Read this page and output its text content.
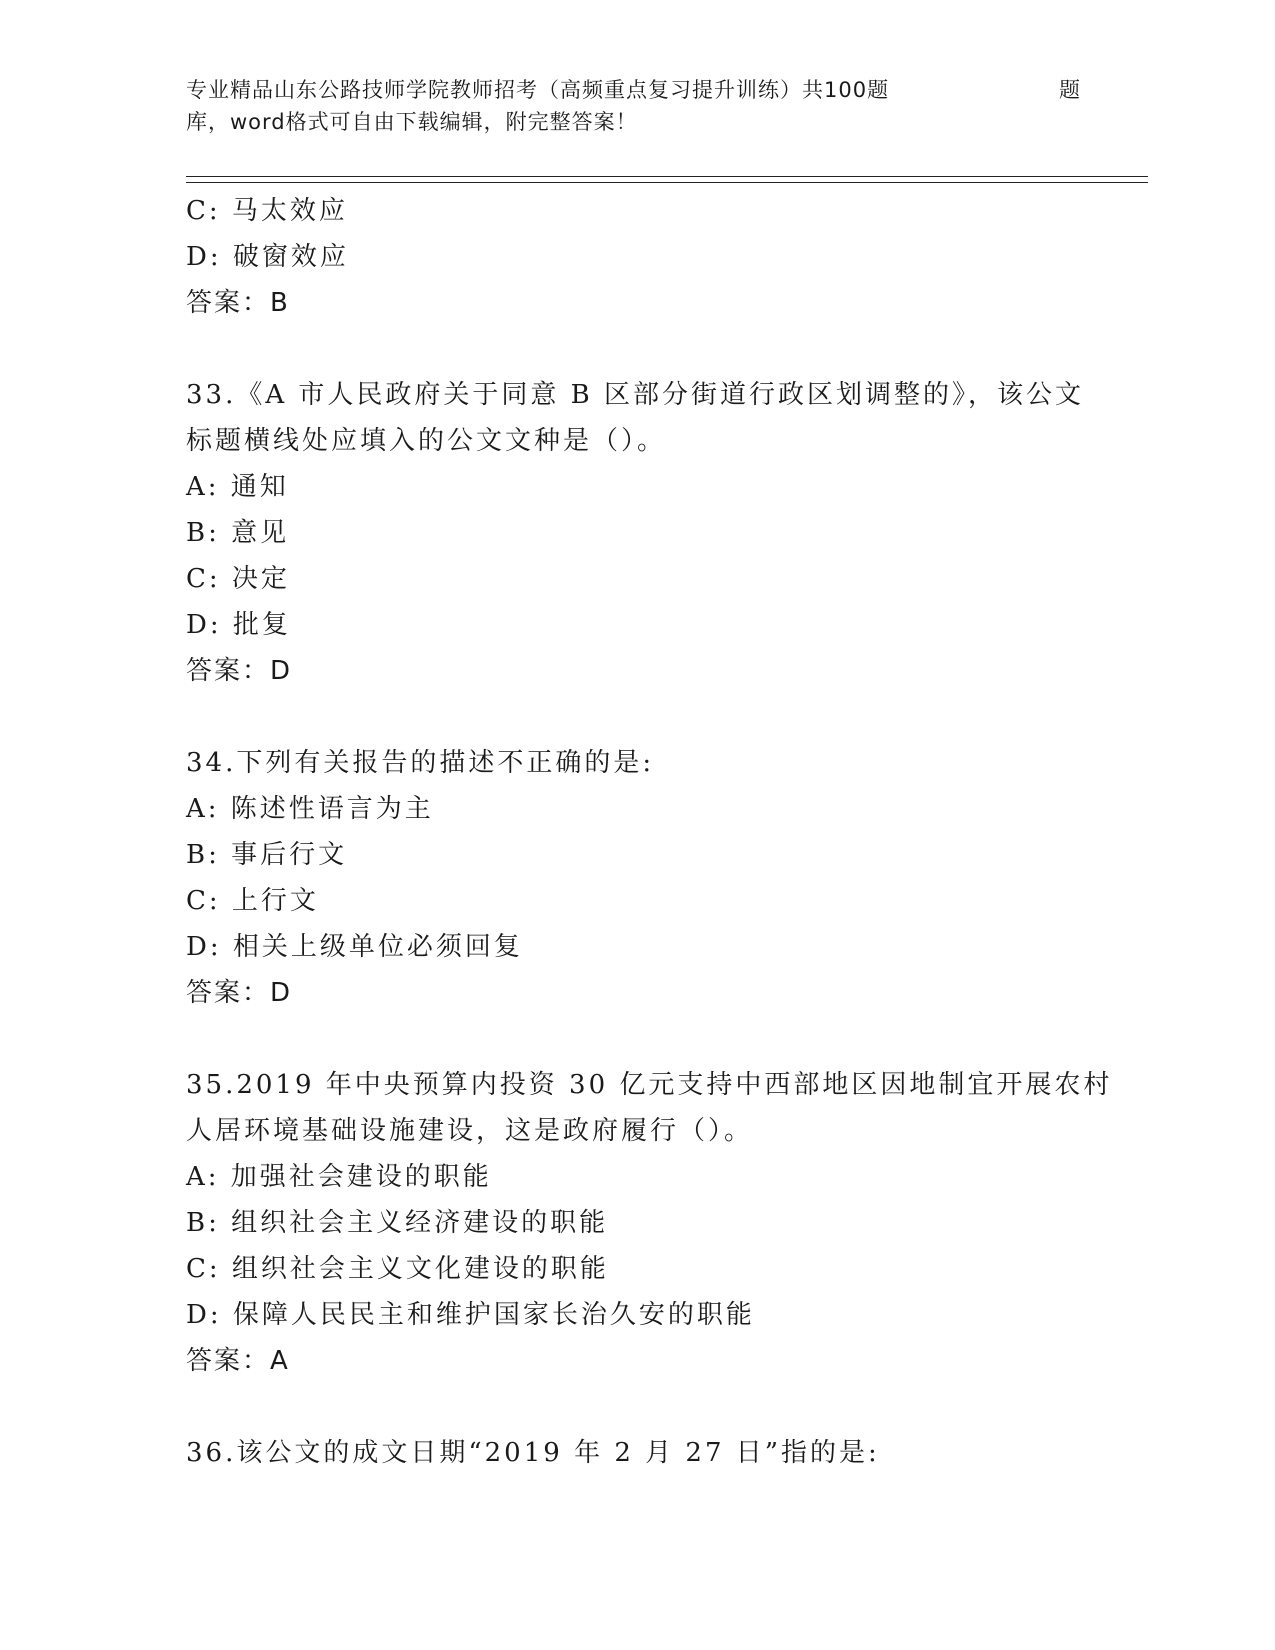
专业精品山东公路技师学院教师招考（高频重点复习提升训练）共100题	题
库，word格式可自由下载编辑，附完整答案！
C: 马太效应
D: 破窗效应
答案：B
33.《A 市人民政府关于同意 B 区部分街道行政区划调整的》，该公文
标题横线处应填入的公文文种是（）。
A: 通知
B: 意见
C: 决定
D: 批复
答案：D
34.下列有关报告的描述不正确的是:
A: 陈述性语言为主
B: 事后行文
C: 上行文
D: 相关上级单位必须回复
答案：D
35.2019 年中央预算内投资 30 亿元支持中西部地区因地制宜开展农村
人居环境基础设施建设，这是政府履行（）。
A: 加强社会建设的职能
B: 组织社会主义经济建设的职能
C: 组织社会主义文化建设的职能
D: 保障人民民主和维护国家长治久安的职能
答案：A
36.该公文的成文日期“2019 年 2 月 27 日”指的是:
